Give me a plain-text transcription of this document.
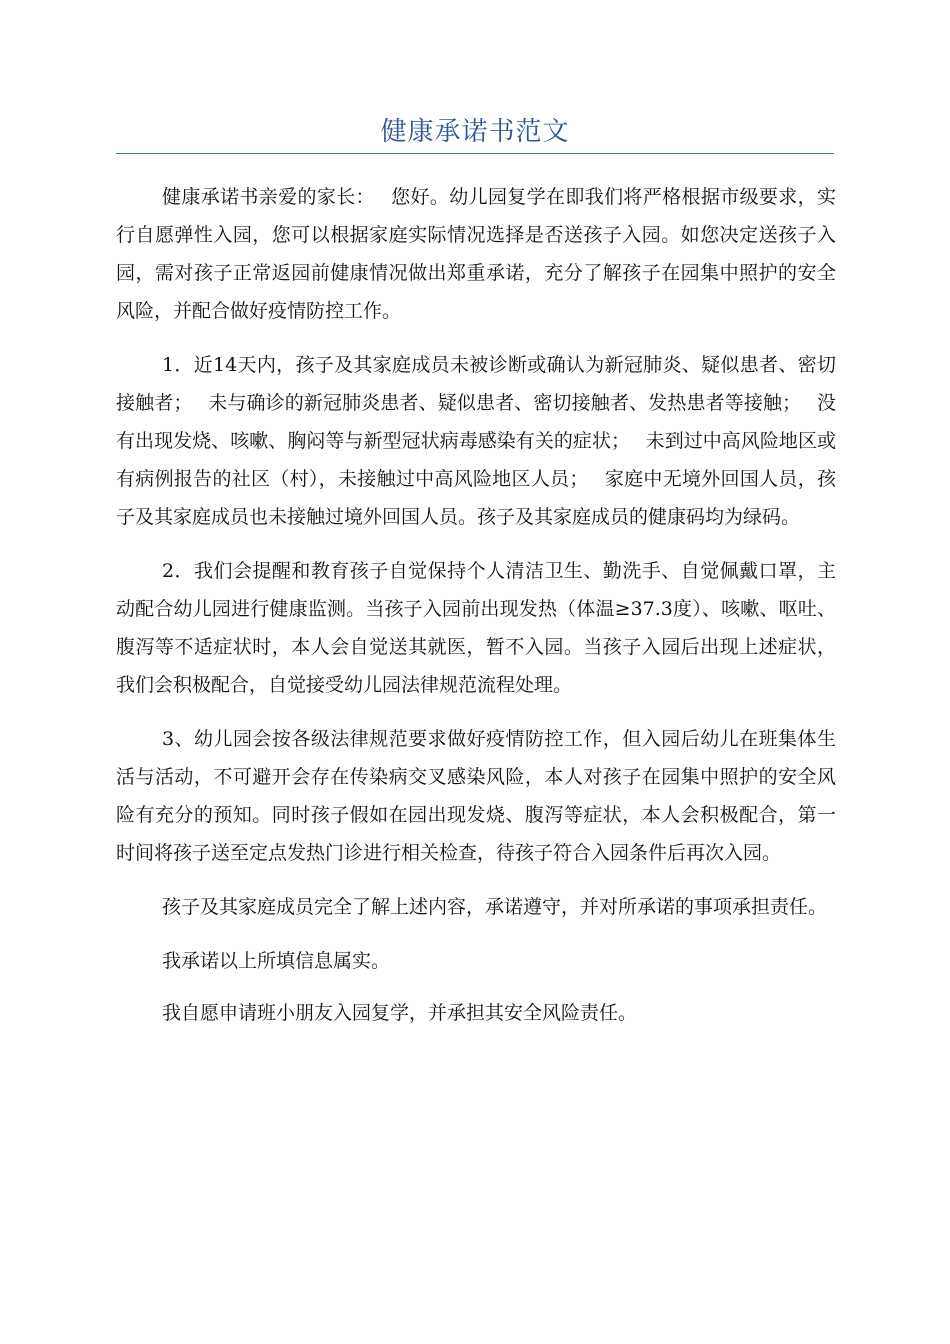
健康承诺书范文

健康承诺书亲爱的家长：　 您好。幼儿园复学在即我们将严格根据市级要求，实行自愿弹性入园，您可以根据家庭实际情况选择是否送孩子入园。如您决定送孩子入园，需对孩子正常返园前健康情况做出郑重承诺，充分了解孩子在园集中照护的安全风险，并配合做好疫情防控工作。

1．近14天内，孩子及其家庭成员未被诊断或确认为新冠肺炎、疑似患者、密切接触者；　 未与确诊的新冠肺炎患者、疑似患者、密切接触者、发热患者等接触；　 没有出现发烧、咳嗽、胸闷等与新型冠状病毒感染有关的症状；　 未到过中高风险地区或有病例报告的社区（村），未接触过中高风险地区人员；　 家庭中无境外回国人员，孩子及其家庭成员也未接触过境外回国人员。孩子及其家庭成员的健康码均为绿码。

2．我们会提醒和教育孩子自觉保持个人清洁卫生、勤洗手、自觉佩戴口罩，主动配合幼儿园进行健康监测。当孩子入园前出现发热（体温≥37.3度）、咳嗽、呕吐、腹泻等不适症状时，本人会自觉送其就医，暂不入园。当孩子入园后出现上述症状，我们会积极配合，自觉接受幼儿园法律规范流程处理。

3、幼儿园会按各级法律规范要求做好疫情防控工作，但入园后幼儿在班集体生活与活动，不可避开会存在传染病交叉感染风险，本人对孩子在园集中照护的安全风险有充分的预知。同时孩子假如在园出现发烧、腹泻等症状，本人会积极配合，第一时间将孩子送至定点发热门诊进行相关检查，待孩子符合入园条件后再次入园。

孩子及其家庭成员完全了解上述内容，承诺遵守，并对所承诺的事项承担责任。

我承诺以上所填信息属实。

我自愿申请班小朋友入园复学，并承担其安全风险责任。
